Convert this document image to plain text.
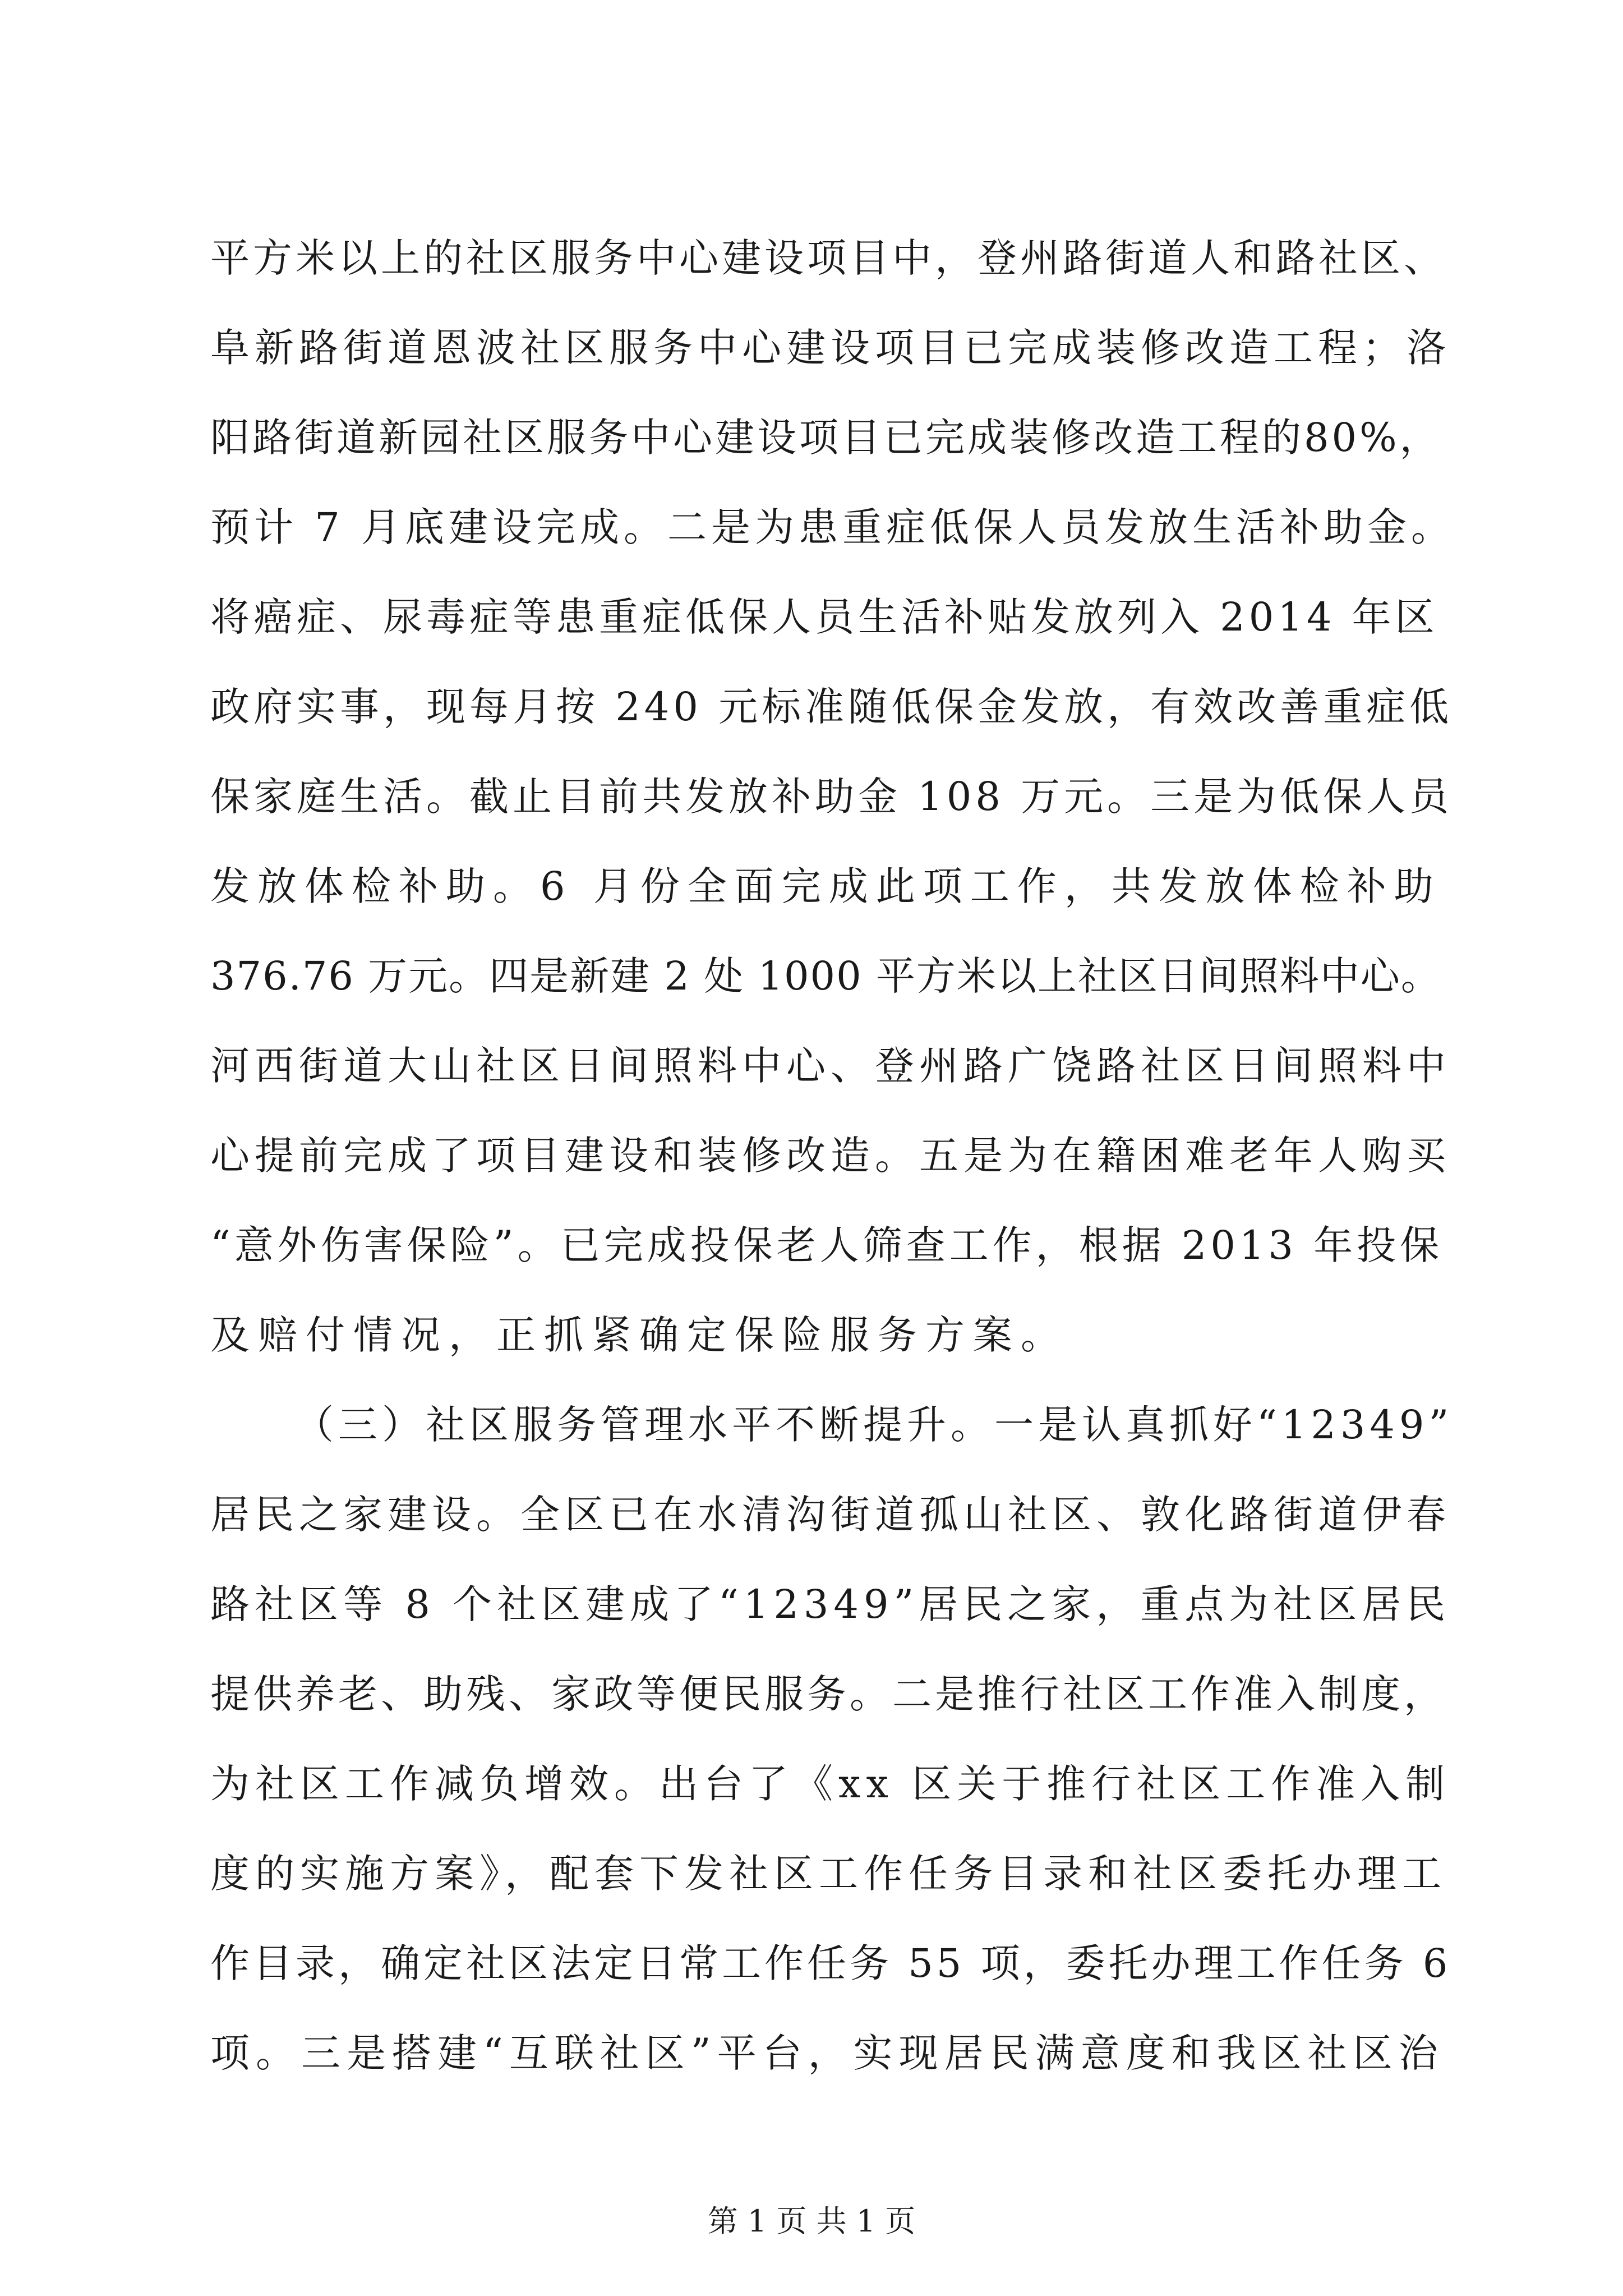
平方米以上的社区服务中心建设项目中，登州路街道人和路社区、
阜新路街道恩波社区服务中心建设项目已完成装修改造工程；洛
阳路街道新园社区服务中心建设项目已完成装修改造工程的80%，
预计 7 月底建设完成。二是为患重症低保人员发放生活补助金。
将癌症、尿毒症等患重症低保人员生活补贴发放列入 2014 年区
政府实事，现每月按 240 元标准随低保金发放，有效改善重症低
保家庭生活。截止目前共发放补助金 108 万元。三是为低保人员
发放体检补助。6 月份全面完成此项工作，共发放体检补助
376.76 万元。四是新建 2 处 1000 平方米以上社区日间照料中心。
河西街道大山社区日间照料中心、登州路广饶路社区日间照料中
心提前完成了项目建设和装修改造。五是为在籍困难老年人购买
“意外伤害保险”。已完成投保老人筛查工作，根据 2013 年投保
及赔付情况，正抓紧确定保险服务方案。
（三）社区服务管理水平不断提升。一是认真抓好“12349”
居民之家建设。全区已在水清沟街道孤山社区、敦化路街道伊春
路社区等 8 个社区建成了“12349”居民之家，重点为社区居民
提供养老、助残、家政等便民服务。二是推行社区工作准入制度，
为社区工作减负增效。出台了《xx 区关于推行社区工作准入制
度的实施方案》，配套下发社区工作任务目录和社区委托办理工
作目录，确定社区法定日常工作任务 55 项，委托办理工作任务 6
项。三是搭建“互联社区”平台，实现居民满意度和我区社区治
第 1 页 共 1 页
